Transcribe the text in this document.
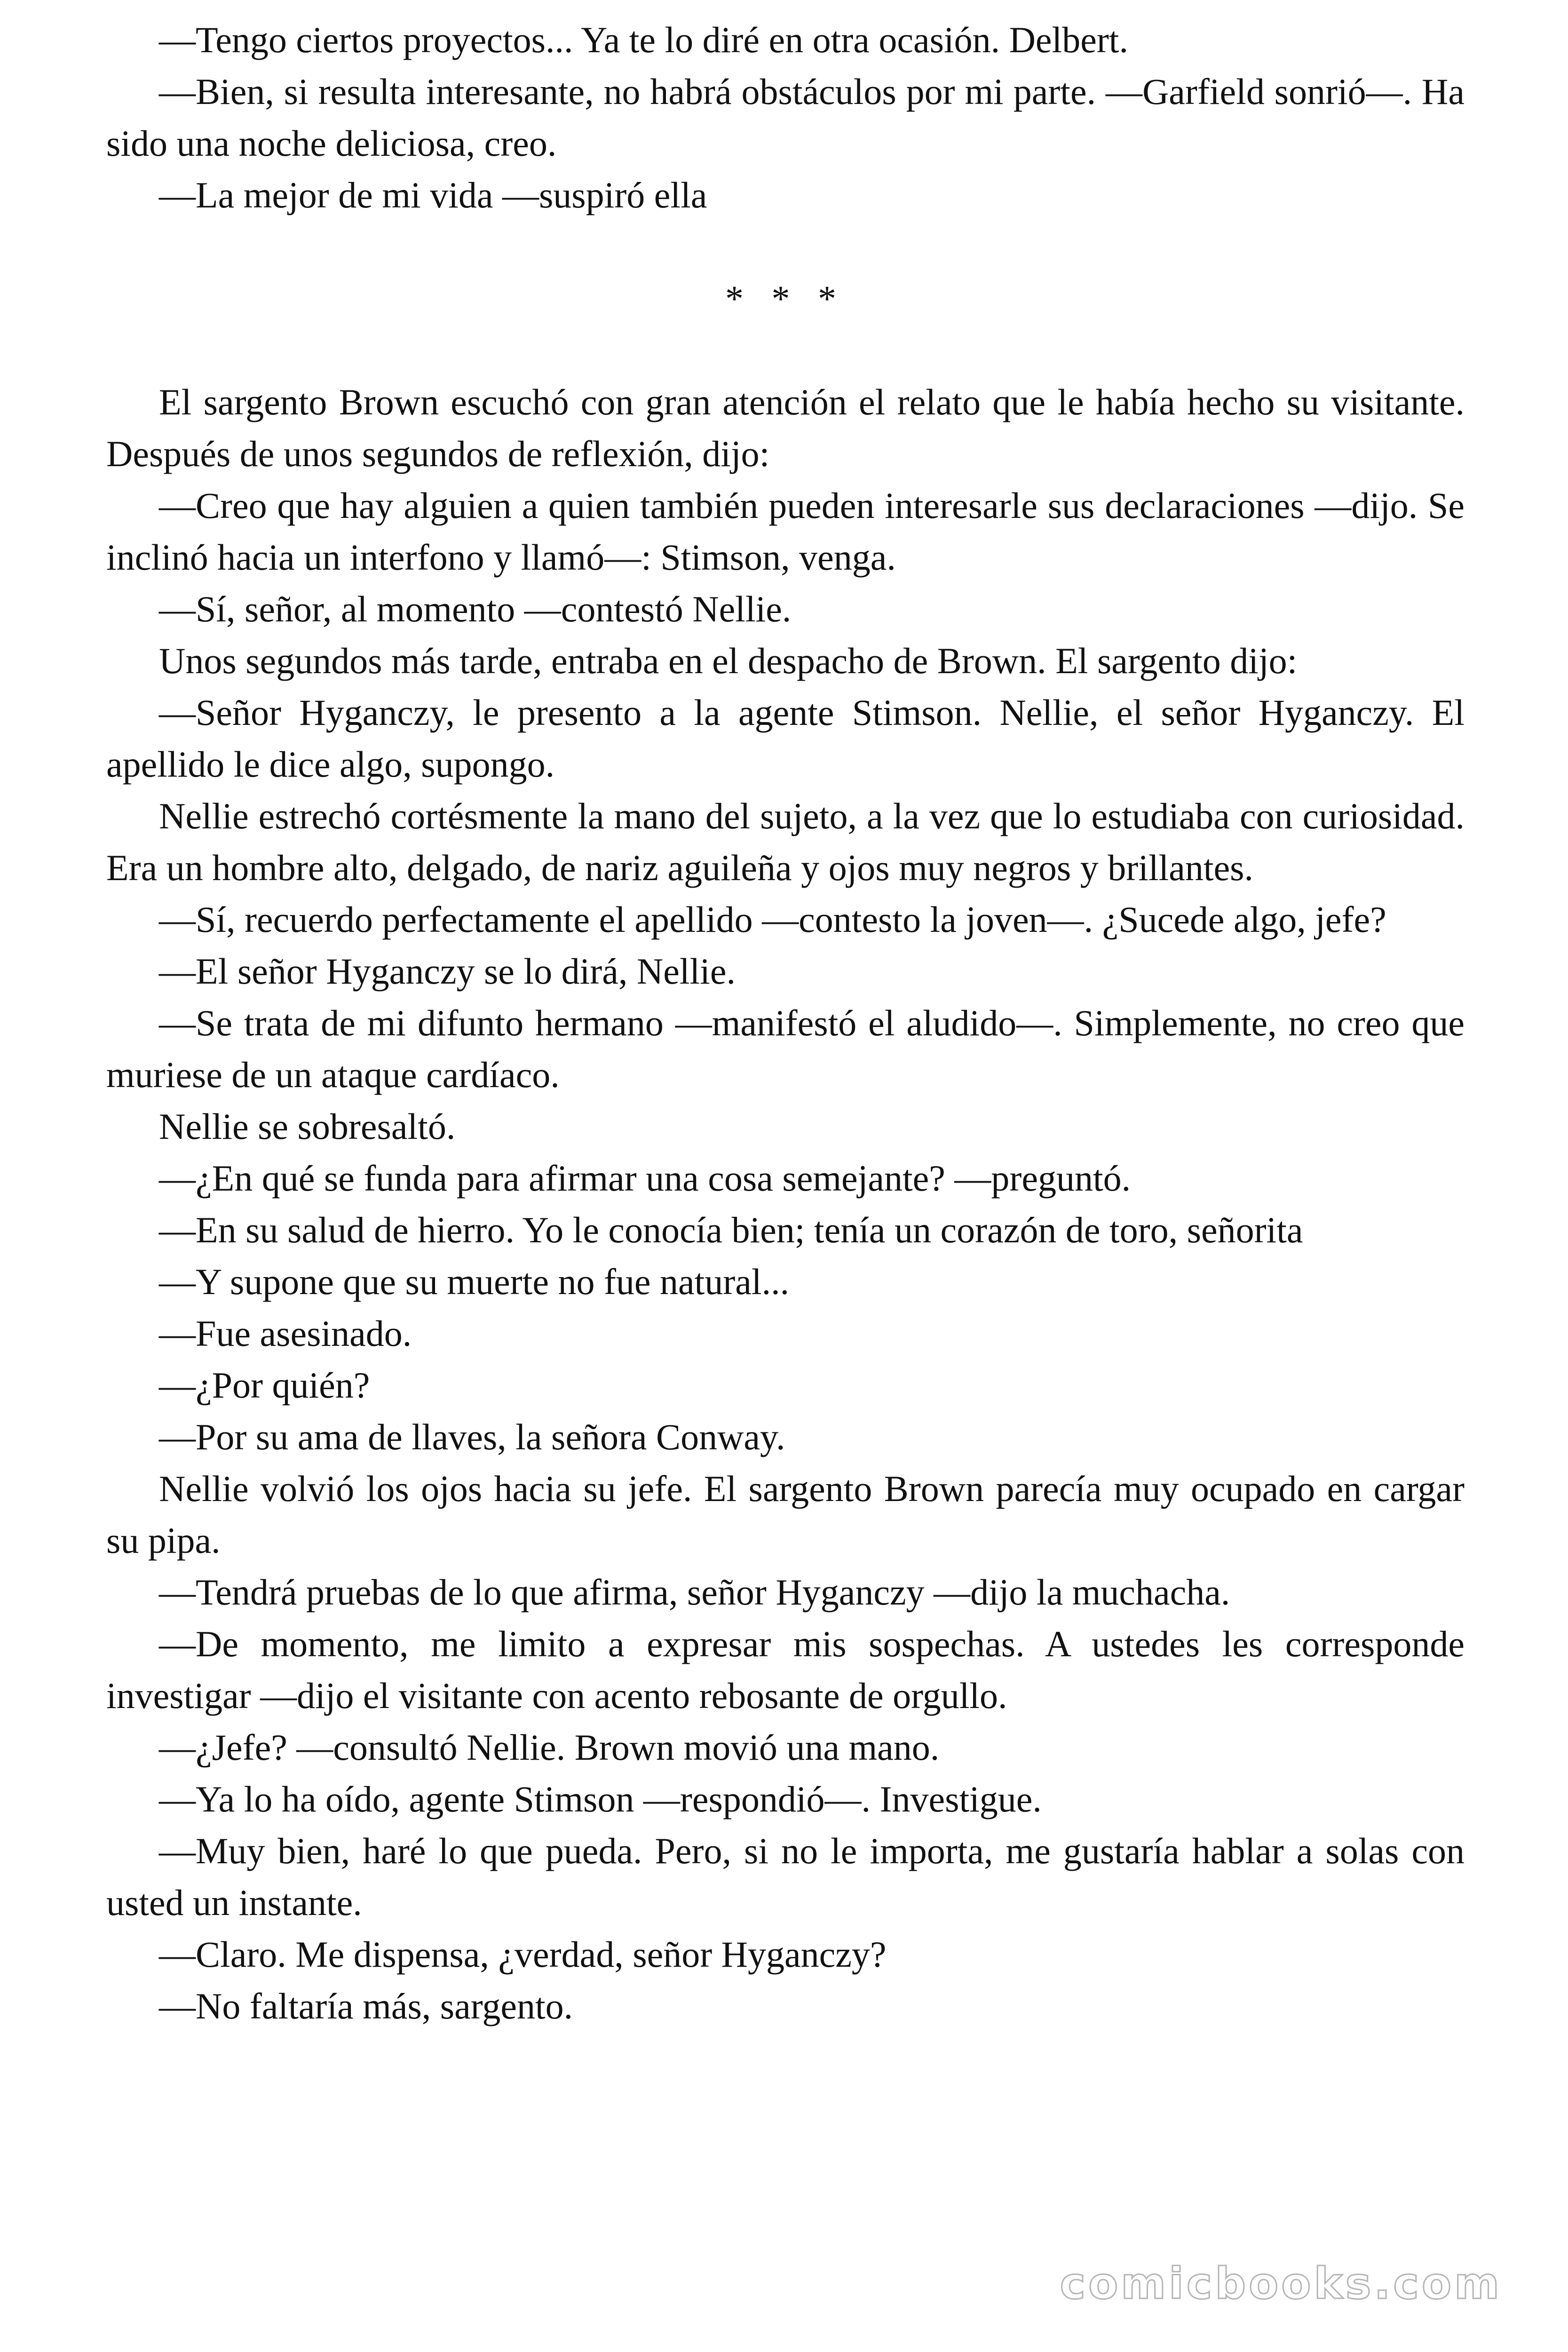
—Tengo ciertos proyectos... Ya te lo diré en otra ocasión. Delbert.

—Bien, si resulta interesante, no habrá obstáculos por mi parte. —Garfield sonrió—. Ha sido una noche deliciosa, creo.

—La mejor de mi vida —suspiró ella

* * *

El sargento Brown escuchó con gran atención el relato que le había hecho su visitante. Después de unos segundos de reflexión, dijo:

—Creo que hay alguien a quien también pueden interesarle sus declaraciones —dijo. Se inclinó hacia un interfono y llamó—: Stimson, venga.

—Sí, señor, al momento —contestó Nellie.

Unos segundos más tarde, entraba en el despacho de Brown. El sargento dijo:

—Señor Hyganczy, le presento a la agente Stimson. Nellie, el señor Hyganczy. El apellido le dice algo, supongo.

Nellie estrechó cortésmente la mano del sujeto, a la vez que lo estudiaba con curiosidad. Era un hombre alto, delgado, de nariz aguileña y ojos muy negros y brillantes.

—Sí, recuerdo perfectamente el apellido —contesto la joven—. ¿Sucede algo, jefe?

—El señor Hyganczy se lo dirá, Nellie.

—Se trata de mi difunto hermano —manifestó el aludido—. Simplemente, no creo que muriese de un ataque cardíaco.

Nellie se sobresaltó.

—¿En qué se funda para afirmar una cosa semejante? —preguntó.

—En su salud de hierro. Yo le conocía bien; tenía un corazón de toro, señorita

—Y supone que su muerte no fue natural...

—Fue asesinado.

—¿Por quién?

—Por su ama de llaves, la señora Conway.

Nellie volvió los ojos hacia su jefe. El sargento Brown parecía muy ocupado en cargar su pipa.

—Tendrá pruebas de lo que afirma, señor Hyganczy —dijo la muchacha.

—De momento, me limito a expresar mis sospechas. A ustedes les corresponde investigar —dijo el visitante con acento rebosante de orgullo.

—¿Jefe? —consultó Nellie. Brown movió una mano.

—Ya lo ha oído, agente Stimson —respondió—. Investigue.

—Muy bien, haré lo que pueda. Pero, si no le importa, me gustaría hablar a solas con usted un instante.

—Claro. Me dispensa, ¿verdad, señor Hyganczy?

—No faltaría más, sargento.

comicbooks.com
